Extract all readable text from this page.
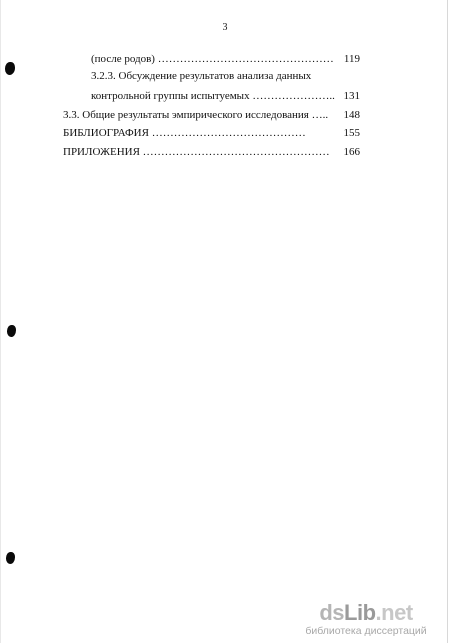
3
(после родов) ………………………………………… 119
3.2.3. Обсуждение результатов анализа данных
контрольной группы испытуемых ………………….. 131
3.3. Общие результаты эмпирического исследования …..	148
БИБЛИОГРАФИЯ ……………………………………	155
ПРИЛОЖЕНИЯ ……………………………………………	166
dsLib.net
библиотека диссертаций
